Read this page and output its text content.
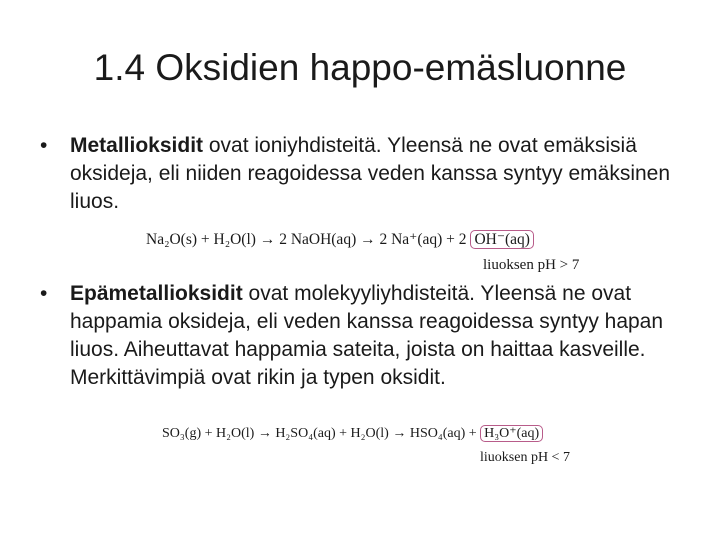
1.4 Oksidien happo-emäsluonne
•	Metallioksidit ovat ioniyhdisteitä. Yleensä ne ovat emäksisiä oksideja, eli niiden reagoidessa veden kanssa syntyy emäksinen liuos.
Na₂O(s) + H₂O(l) → 2 NaOH(aq) → 2 Na⁺(aq) + 2 OH⁻(aq)
liuoksen pH > 7
•	Epämetallioksidit ovat molekyyliyhdisteitä. Yleensä ne ovat happamia oksideja, eli veden kanssa reagoidessa syntyy hapan liuos. Aiheuttavat happamia sateita, joista on haittaa kasveille. Merkittävimpiä ovat rikin ja typen oksidit.
SO₃(g) + H₂O(l) → H₂SO₄(aq) + H₂O(l) → HSO₄(aq) + H₃O⁺(aq)
liuoksen pH < 7
